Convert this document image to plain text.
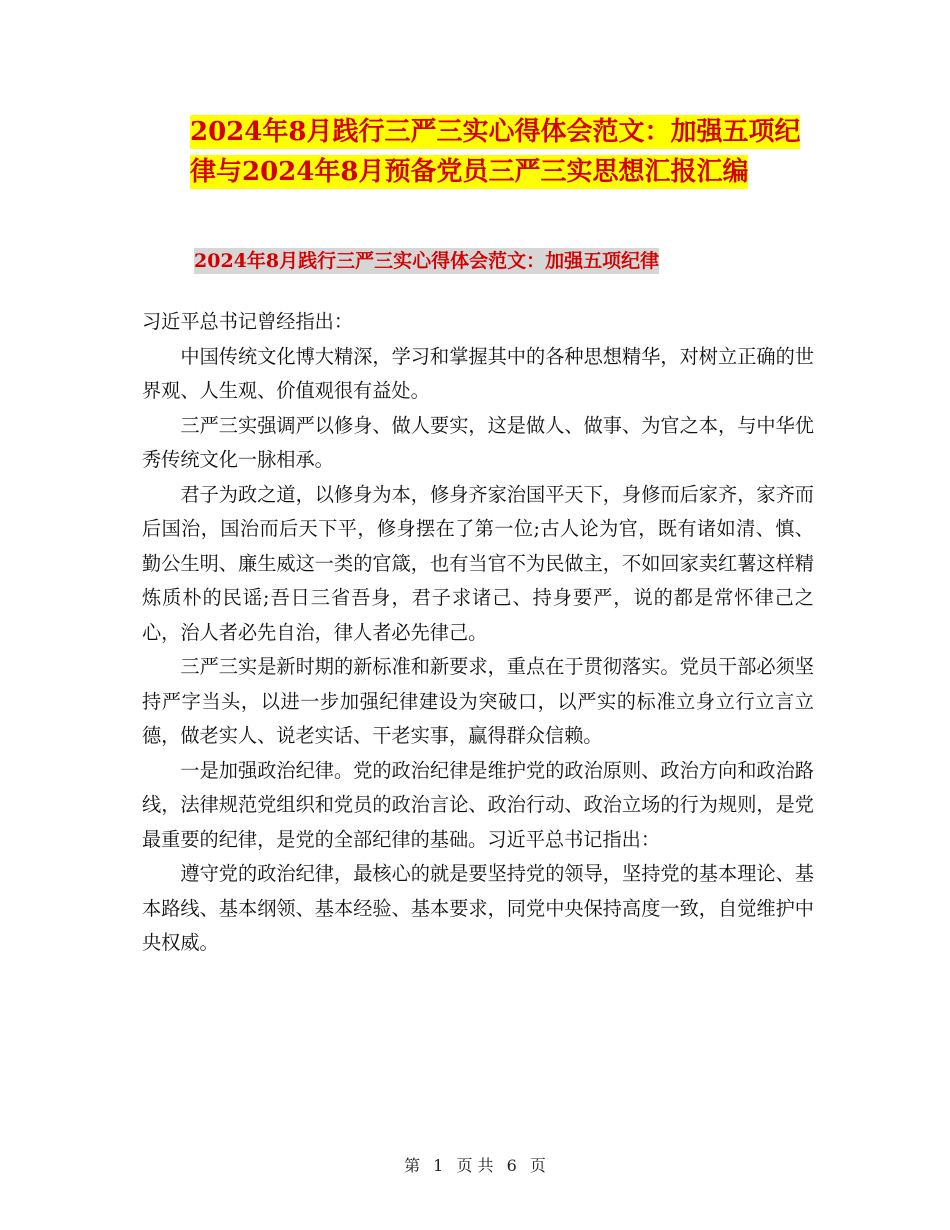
2024年8月践行三严三实心得体会范文：加强五项纪
律与2024年8月预备党员三严三实思想汇报汇编
2024年8月践行三严三实心得体会范文：加强五项纪律

习近平总书记曾经指出：

中国传统文化博大精深，学习和掌握其中的各种思想精华，对树立正确的世界观、人生观、价值观很有益处。

三严三实强调严以修身、做人要实，这是做人、做事、为官之本，与中华优秀传统文化一脉相承。

君子为政之道，以修身为本，修身齐家治国平天下，身修而后家齐，家齐而后国治，国治而后天下平，修身摆在了第一位;古人论为官，既有诸如清、慎、勤公生明、廉生威这一类的官箴，也有当官不为民做主，不如回家卖红薯这样精炼质朴的民谣;吾日三省吾身，君子求诸己、持身要严，说的都是常怀律己之心，治人者必先自治，律人者必先律己。

三严三实是新时期的新标准和新要求，重点在于贯彻落实。党员干部必须坚持严字当头，以进一步加强纪律建设为突破口，以严实的标准立身立行立言立德，做老实人、说老实话、干老实事，赢得群众信赖。

一是加强政治纪律。党的政治纪律是维护党的政治原则、政治方向和政治路线，法律规范党组织和党员的政治言论、政治行动、政治立场的行为规则，是党最重要的纪律，是党的全部纪律的基础。习近平总书记指出：

遵守党的政治纪律，最核心的就是要坚持党的领导，坚持党的基本理论、基本路线、基本纲领、基本经验、基本要求，同党中央保持高度一致，自觉维护中央权威。

第 1 页 共 6 页
